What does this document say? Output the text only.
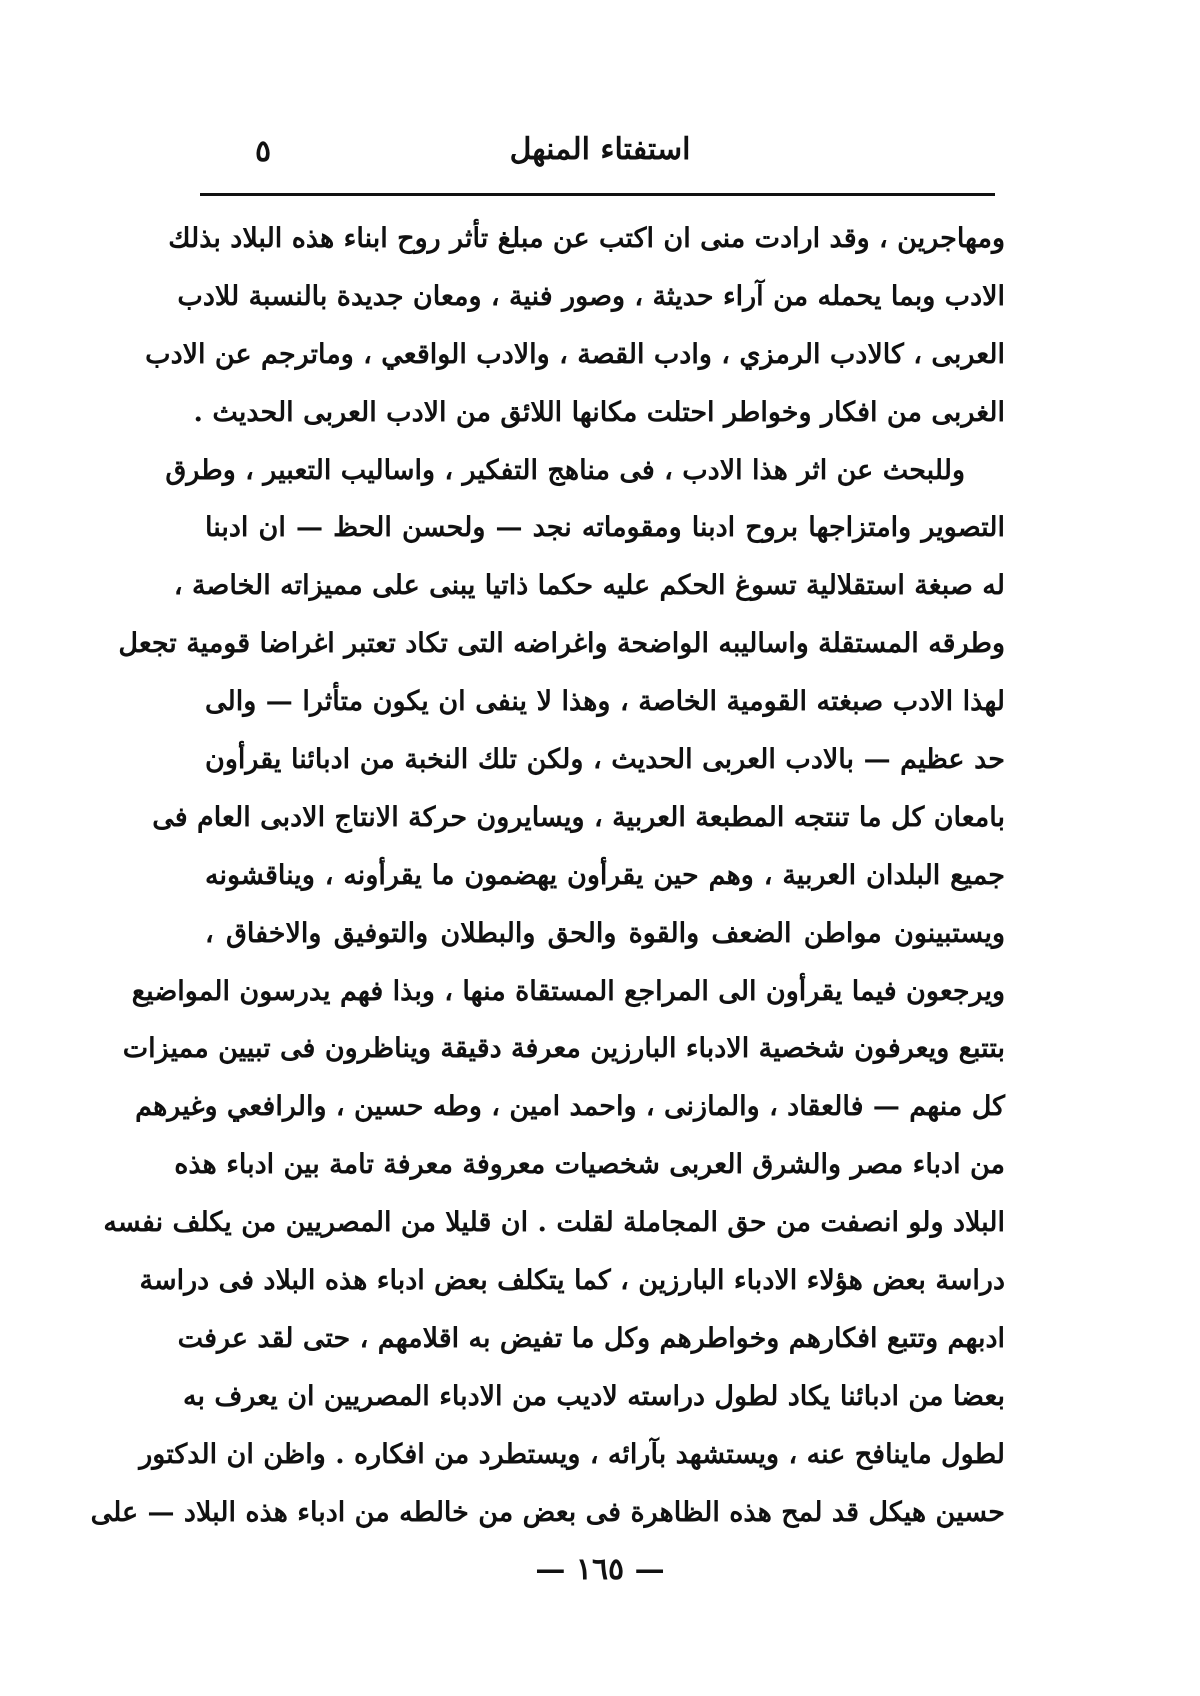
٥	استفتاء المنهل
ومهاجرين ، وقد ارادت منى ان اكتب عن مبلغ تأثر روح ابناء هذه البلاد بذلك
الادب وبما يحمله من آراء حديثة ، وصور فنية ، ومعان جديدة بالنسبة للادب
العربى ، كالادب الرمزي ، وادب القصة ، والادب الواقعي ، وماترجم عن الادب
الغربى من افكار وخواطر احتلت مكانها اللائق من الادب العربى الحديث .
وللبحث عن اثر هذا الادب ، فى مناهج التفكير ، واساليب التعبير ، وطرق
التصوير وامتزاجها بروح ادبنا ومقوماته نجد — ولحسن الحظ — ان ادبنا
له صبغة استقلالية تسوغ الحكم عليه حكما ذاتيا يبنى على مميزاته الخاصة ،
وطرقه المستقلة واساليبه الواضحة واغراضه التى تكاد تعتبر اغراضا قومية تجعل
لهذا الادب صبغته القومية الخاصة ، وهذا لا ينفى ان يكون متأثرا — والى
حد عظيم — بالادب العربى الحديث ، ولكن تلك النخبة من ادبائنا يقرأون
بامعان كل ما تنتجه المطبعة العربية ، ويسايرون حركة الانتاج الادبى العام فى
جميع البلدان العربية ، وهم حين يقرأون يهضمون ما يقرأونه ، ويناقشونه
ويستبينون مواطن الضعف والقوة والحق والبطلان والتوفيق والاخفاق ،
ويرجعون فيما يقرأون الى المراجع المستقاة منها ، وبذا فهم يدرسون المواضيع
بتتبع ويعرفون شخصية الادباء البارزين معرفة دقيقة ويناظرون فى تبيين مميزات
كل منهم — فالعقاد ، والمازنى ، واحمد امين ، وطه حسين ، والرافعي وغيرهم
من ادباء مصر والشرق العربى شخصيات معروفة معرفة تامة بين ادباء هذه
البلاد ولو انصفت من حق المجاملة لقلت . ان قليلا من المصريين من يكلف نفسه
دراسة بعض هؤلاء الادباء البارزين ، كما يتكلف بعض ادباء هذه البلاد فى دراسة
ادبهم وتتبع افكارهم وخواطرهم وكل ما تفيض به اقلامهم ، حتى لقد عرفت
بعضا من ادبائنا يكاد لطول دراسته لاديب من الادباء المصريين ان يعرف به
لطول ماينافح عنه ، ويستشهد بآرائه ، ويستطرد من افكاره . واظن ان الدكتور
حسين هيكل قد لمح هذه الظاهرة فى بعض من خالطه من ادباء هذه البلاد — على
— ١٦٥ —
